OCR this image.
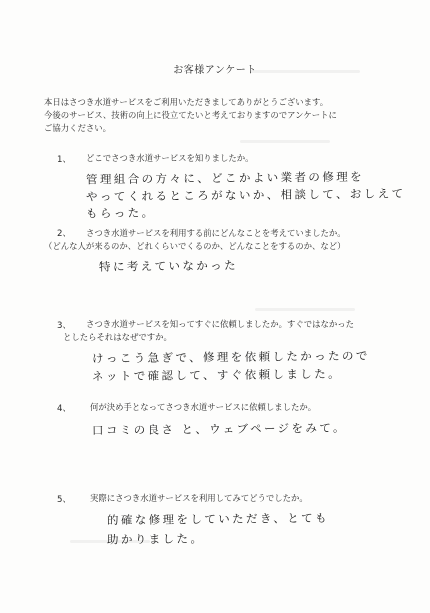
お客様アンケート
本日はさつき水道サービスをご利用いただきましてありがとうございます。
今後のサービス、技術の向上に役立てたいと考えておりますのでアンケートに
ご協力ください。
1、 どこでさつき水道サービスを知りましたか。
管理組合の方々に、どこかよい業者の修理を
やってくれるところがないか、相談して、おしえて
もらった。
2、 さつき水道サービスを利用する前にどんなことを考えていましたか。
（どんな人が来るのか、どれくらいでくるのか、どんなことをするのか、など）
特に考えていなかった
3、 さつき水道サービスを知ってすぐに依頼しましたか。すぐではなかった
としたらそれはなぜですか。
けっこう急ぎで、修理を依頼したかったので
ネットで確認して、すぐ依頼しました。
4、 何が決め手となってさつき水道サービスに依頼しましたか。
口コミの良さ と、ウェブページをみて。
5、 実際にさつき水道サービスを利用してみてどうでしたか。
的確な修理をしていただき、とても
助かりました。
